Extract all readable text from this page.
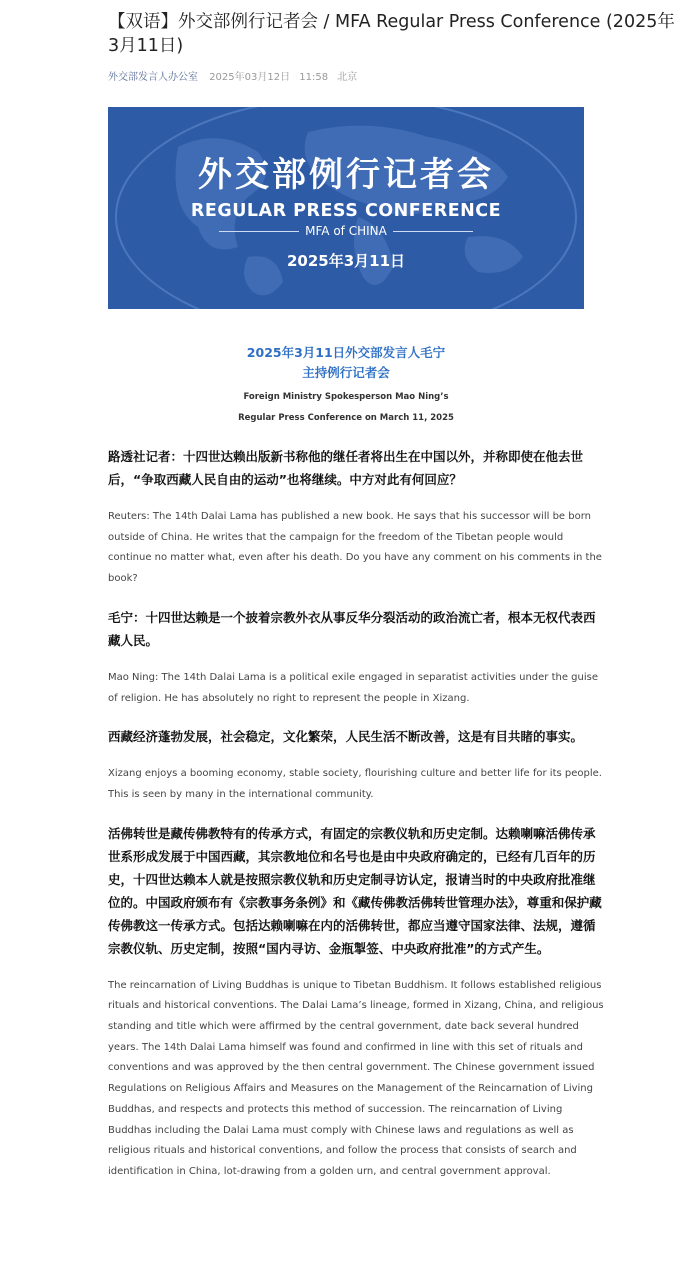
【双语】外交部例行记者会 / MFA Regular Press Conference (2025年3月11日)
外交部发言人办公室 2025年03月12日 11:58 北京
外交部例行记者会
REGULAR PRESS CONFERENCE
MFA of CHINA
2025年3月11日
2025年3月11日外交部发言人毛宁
主持例行记者会
Foreign Ministry Spokesperson Mao Ning’s
Regular Press Conference on March 11, 2025
路透社记者：十四世达赖出版新书称他的继任者将出生在中国以外，并称即使在他去世后，“争取西藏人民自由的运动”也将继续。中方对此有何回应？
Reuters: The 14th Dalai Lama has published a new book. He says that his successor will be born outside of China. He writes that the campaign for the freedom of the Tibetan people would continue no matter what, even after his death. Do you have any comment on his comments in the book?
毛宁：十四世达赖是一个披着宗教外衣从事反华分裂活动的政治流亡者，根本无权代表西藏人民。
Mao Ning: The 14th Dalai Lama is a political exile engaged in separatist activities under the guise of religion. He has absolutely no right to represent the people in Xizang.
西藏经济蓬勃发展，社会稳定，文化繁荣，人民生活不断改善，这是有目共睹的事实。
Xizang enjoys a booming economy, stable society, flourishing culture and better life for its people. This is seen by many in the international community.
活佛转世是藏传佛教特有的传承方式，有固定的宗教仪轨和历史定制。达赖喇嘛活佛传承世系形成发展于中国西藏，其宗教地位和名号也是由中央政府确定的，已经有几百年的历史，十四世达赖本人就是按照宗教仪轨和历史定制寻访认定，报请当时的中央政府批准继位的。中国政府颁布有《宗教事务条例》和《藏传佛教活佛转世管理办法》，尊重和保护藏传佛教这一传承方式。包括达赖喇嘛在内的活佛转世，都应当遵守国家法律、法规，遵循宗教仪轨、历史定制，按照“国内寻访、金瓶掣签、中央政府批准”的方式产生。
The reincarnation of Living Buddhas is unique to Tibetan Buddhism. It follows established religious rituals and historical conventions. The Dalai Lama’s lineage, formed in Xizang, China, and religious standing and title which were affirmed by the central government, date back several hundred years. The 14th Dalai Lama himself was found and confirmed in line with this set of rituals and conventions and was approved by the then central government. The Chinese government issued Regulations on Religious Affairs and Measures on the Management of the Reincarnation of Living Buddhas, and respects and protects this method of succession. The reincarnation of Living Buddhas including the Dalai Lama must comply with Chinese laws and regulations as well as religious rituals and historical conventions, and follow the process that consists of search and identification in China, lot-drawing from a golden urn, and central government approval.
